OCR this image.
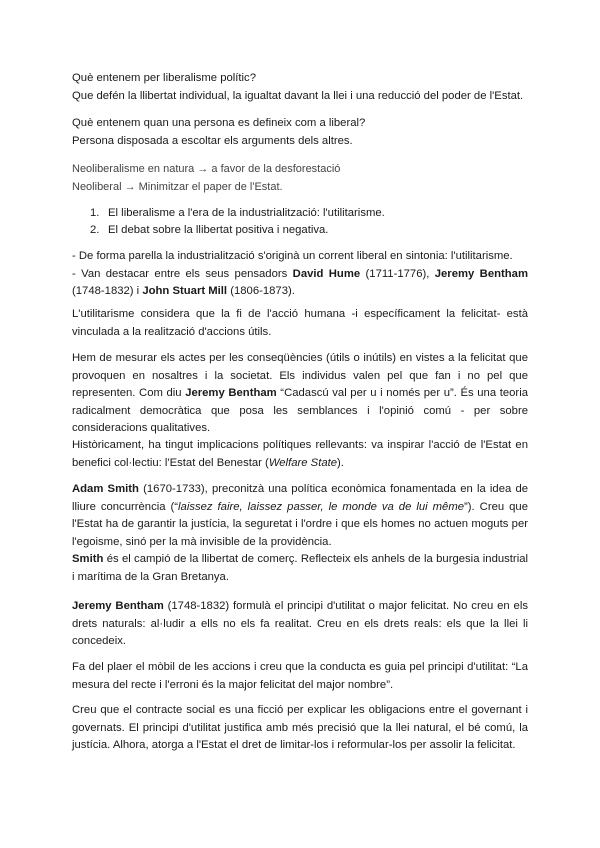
Què entenem per liberalisme polític?
Que defén la llibertat individual, la igualtat davant la llei i una reducció del poder de l'Estat.

Què entenem quan una persona es defineix com a liberal?
Persona disposada a escoltar els arguments dels altres.

Neoliberalisme en natura → a favor de la desforestació
Neoliberal → Minimitzar el paper de l'Estat.

1. El liberalisme a l'era de la industrialització: l'utilitarisme.
2. El debat sobre la llibertat positiva i negativa.

- De forma parella la industrialització s'originà un corrent liberal en sintonia: l'utilitarisme.
- Van destacar entre els seus pensadors David Hume (1711-1776), Jeremy Bentham (1748-1832) i John Stuart Mill (1806-1873).

L'utilitarisme considera que la fi de l'acció humana -i específicament la felicitat- està vinculada a la realització d'accions útils.

Hem de mesurar els actes per les conseqüències (útils o inútils) en vistes a la felicitat que provoquen en nosaltres i la societat. Els individus valen pel que fan i no pel que representen. Com diu Jeremy Bentham “Cadascú val per u i només per u”. És una teoria radicalment democràtica que posa les semblances i l'opinió comú - per sobre consideracions qualitatives.

Històricament, ha tingut implicacions polítiques rellevants: va inspirar l'acció de l'Estat en benefici col·lectiu: l'Estat del Benestar (Welfare State).

Adam Smith (1670-1733), preconitzà una política econòmica fonamentada en la idea de lliure concurrència (“laissez faire, laissez passer, le monde va de lui même”). Creu que l'Estat ha de garantir la justícia, la seguretat i l'ordre i que els homes no actuen moguts per l'egoisme, sinó per la mà invisible de la providència.

Smith és el campió de la llibertat de comerç. Reflecteix els anhels de la burgesia industrial i marítima de la Gran Bretanya.

Jeremy Bentham (1748-1832) formulà el principi d'utilitat o major felicitat. No creu en els drets naturals: al·ludir a ells no els fa realitat. Creu en els drets reals: els que la llei li concedeix.

Fa del plaer el mòbil de les accions i creu que la conducta es guia pel principi d'utilitat: “La mesura del recte i l'erroni és la major felicitat del major nombre”.

Creu que el contracte social es una ficció per explicar les obligacions entre el governant i governats. El principi d'utilitat justifica amb més precisió que la llei natural, el bé comú, la justícia. Alhora, atorga a l'Estat el dret de limitar-los i reformular-los per assolir la felicitat.
